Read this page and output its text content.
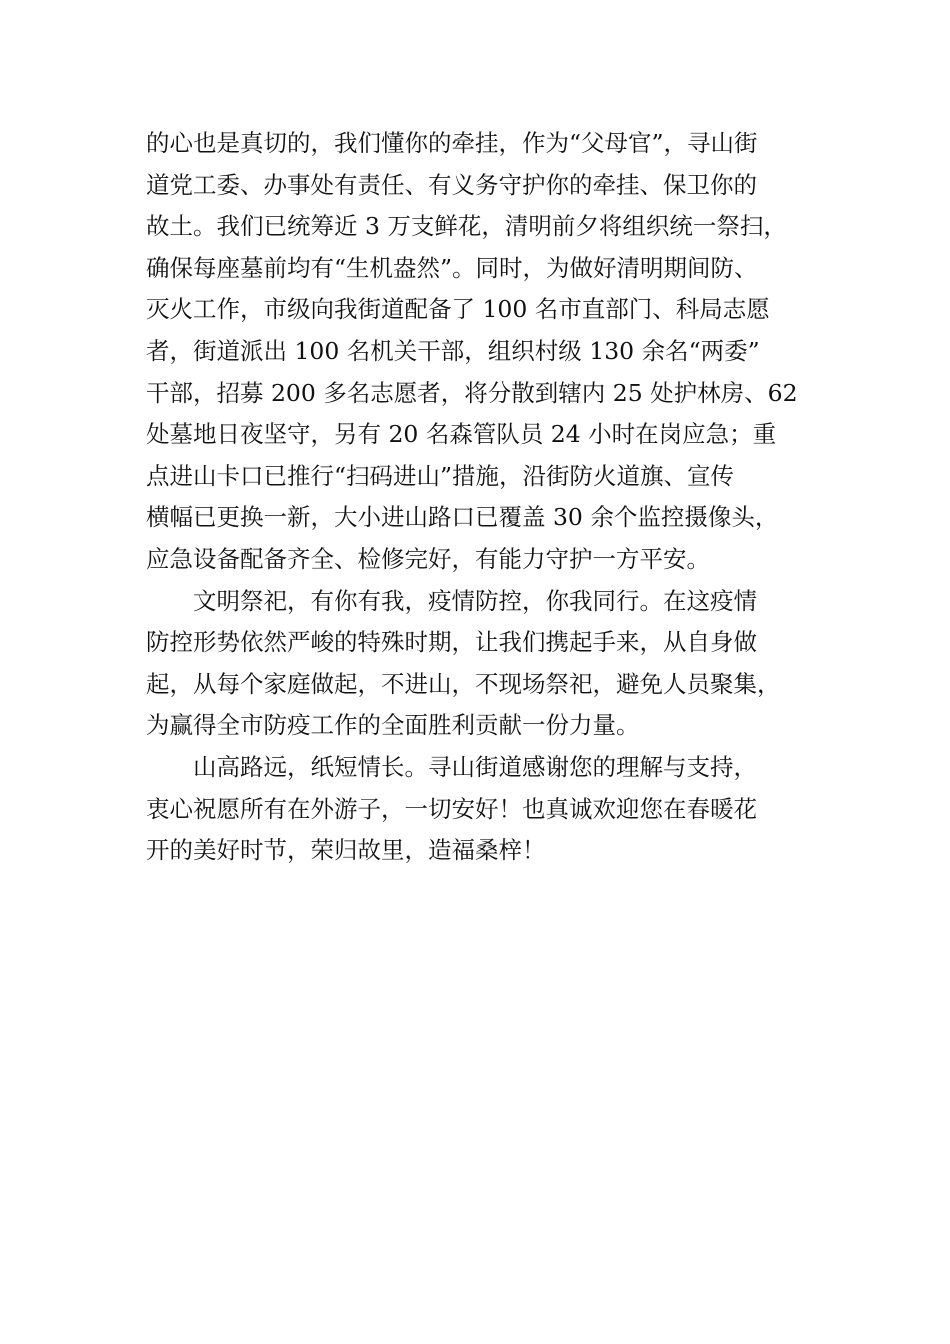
的心也是真切的，我们懂你的牵挂，作为“父母官”，寻山街
道党工委、办事处有责任、有义务守护你的牵挂、保卫你的
故土。我们已统筹近 3 万支鲜花，清明前夕将组织统一祭扫，
确保每座墓前均有“生机盎然”。同时，为做好清明期间防、
灭火工作，市级向我街道配备了 100 名市直部门、科局志愿
者，街道派出 100 名机关干部，组织村级 130 余名“两委”
干部，招募 200 多名志愿者，将分散到辖内 25 处护林房、62
处墓地日夜坚守，另有 20 名森管队员 24 小时在岗应急；重
点进山卡口已推行“扫码进山”措施，沿街防火道旗、宣传
横幅已更换一新，大小进山路口已覆盖 30 余个监控摄像头，
应急设备配备齐全、检修完好，有能力守护一方平安。
文明祭祀，有你有我，疫情防控，你我同行。在这疫情
防控形势依然严峻的特殊时期，让我们携起手来，从自身做
起，从每个家庭做起，不进山，不现场祭祀，避免人员聚集，
为赢得全市防疫工作的全面胜利贡献一份力量。
山高路远，纸短情长。寻山街道感谢您的理解与支持，
衷心祝愿所有在外游子，一切安好！也真诚欢迎您在春暖花
开的美好时节，荣归故里，造福桑梓！
